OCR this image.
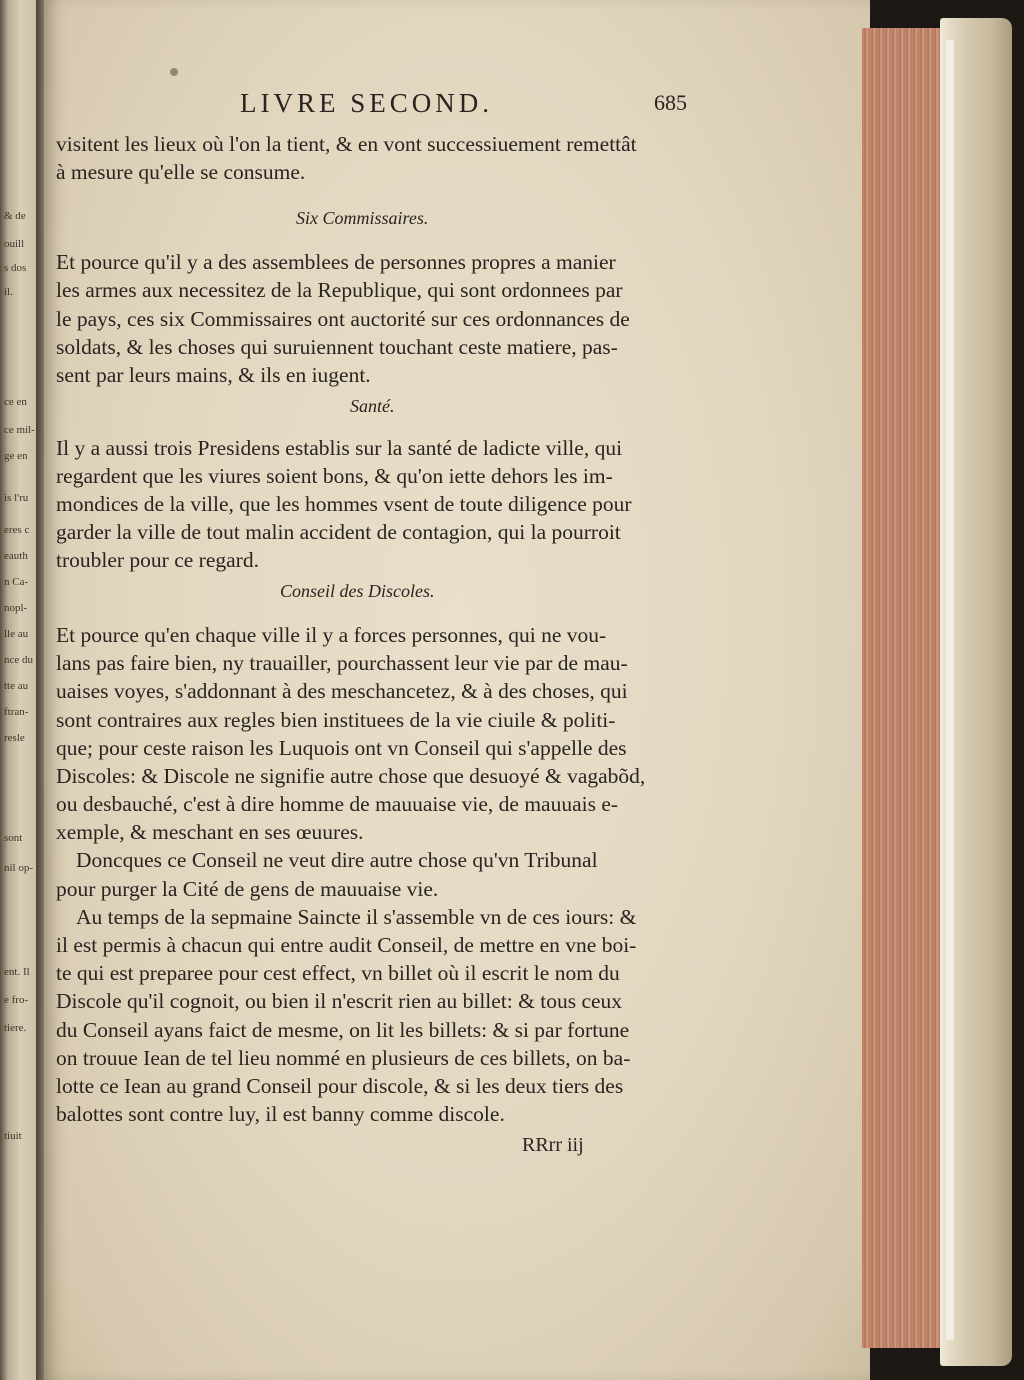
& de
ouill
s dos
il.
ce en
ce mil-
ge en
is l'ru
eres c
eauth
n Ca-
nopl-
lle au
nce du
tte au
ftran-
resle
sont
nil op-
ent. Il
e fro-
tiere.
tiuit
LIVRE SECOND.	685
visitent les lieux où l'on la tient, & en vont successiuement remettât
à mesure qu'elle se consume.
Six Commissaires.
Et pource qu'il y a des assemblees de personnes propres a manier
les armes aux necessitez de la Republique, qui sont ordonnees par
le pays, ces six Commissaires ont auctorité sur ces ordonnances de
soldats, & les choses qui suruiennent touchant ceste matiere, pas-
sent par leurs mains, & ils en iugent.
Santé.
Il y a aussi trois Presidens establis sur la santé de ladicte ville, qui
regardent que les viures soient bons, & qu'on iette dehors les im-
mondices de la ville, que les hommes vsent de toute diligence pour
garder la ville de tout malin accident de contagion, qui la pourroit
troubler pour ce regard.
Conseil des Discoles.
Et pource qu'en chaque ville il y a forces personnes, qui ne vou-
lans pas faire bien, ny trauailler, pourchassent leur vie par de mau-
uaises voyes, s'addonnant à des meschancetez, & à des choses, qui
sont contraires aux regles bien instituees de la vie ciuile & politi-
que; pour ceste raison les Luquois ont vn Conseil qui s'appelle des
Discoles: & Discole ne signifie autre chose que desuoyé & vagabõd,
ou desbauché, c'est à dire homme de mauuaise vie, de mauuais e-
xemple, & meschant en ses œuures.
Doncques ce Conseil ne veut dire autre chose qu'vn Tribunal
pour purger la Cité de gens de mauuaise vie.
Au temps de la sepmaine Saincte il s'assemble vn de ces iours: &
il est permis à chacun qui entre audit Conseil, de mettre en vne boi-
te qui est preparee pour cest effect, vn billet où il escrit le nom du
Discole qu'il cognoit, ou bien il n'escrit rien au billet: & tous ceux
du Conseil ayans faict de mesme, on lit les billets: & si par fortune
on trouue Iean de tel lieu nommé en plusieurs de ces billets, on ba-
lotte ce Iean au grand Conseil pour discole, & si les deux tiers des
balottes sont contre luy, il est banny comme discole.
RRrr iij
